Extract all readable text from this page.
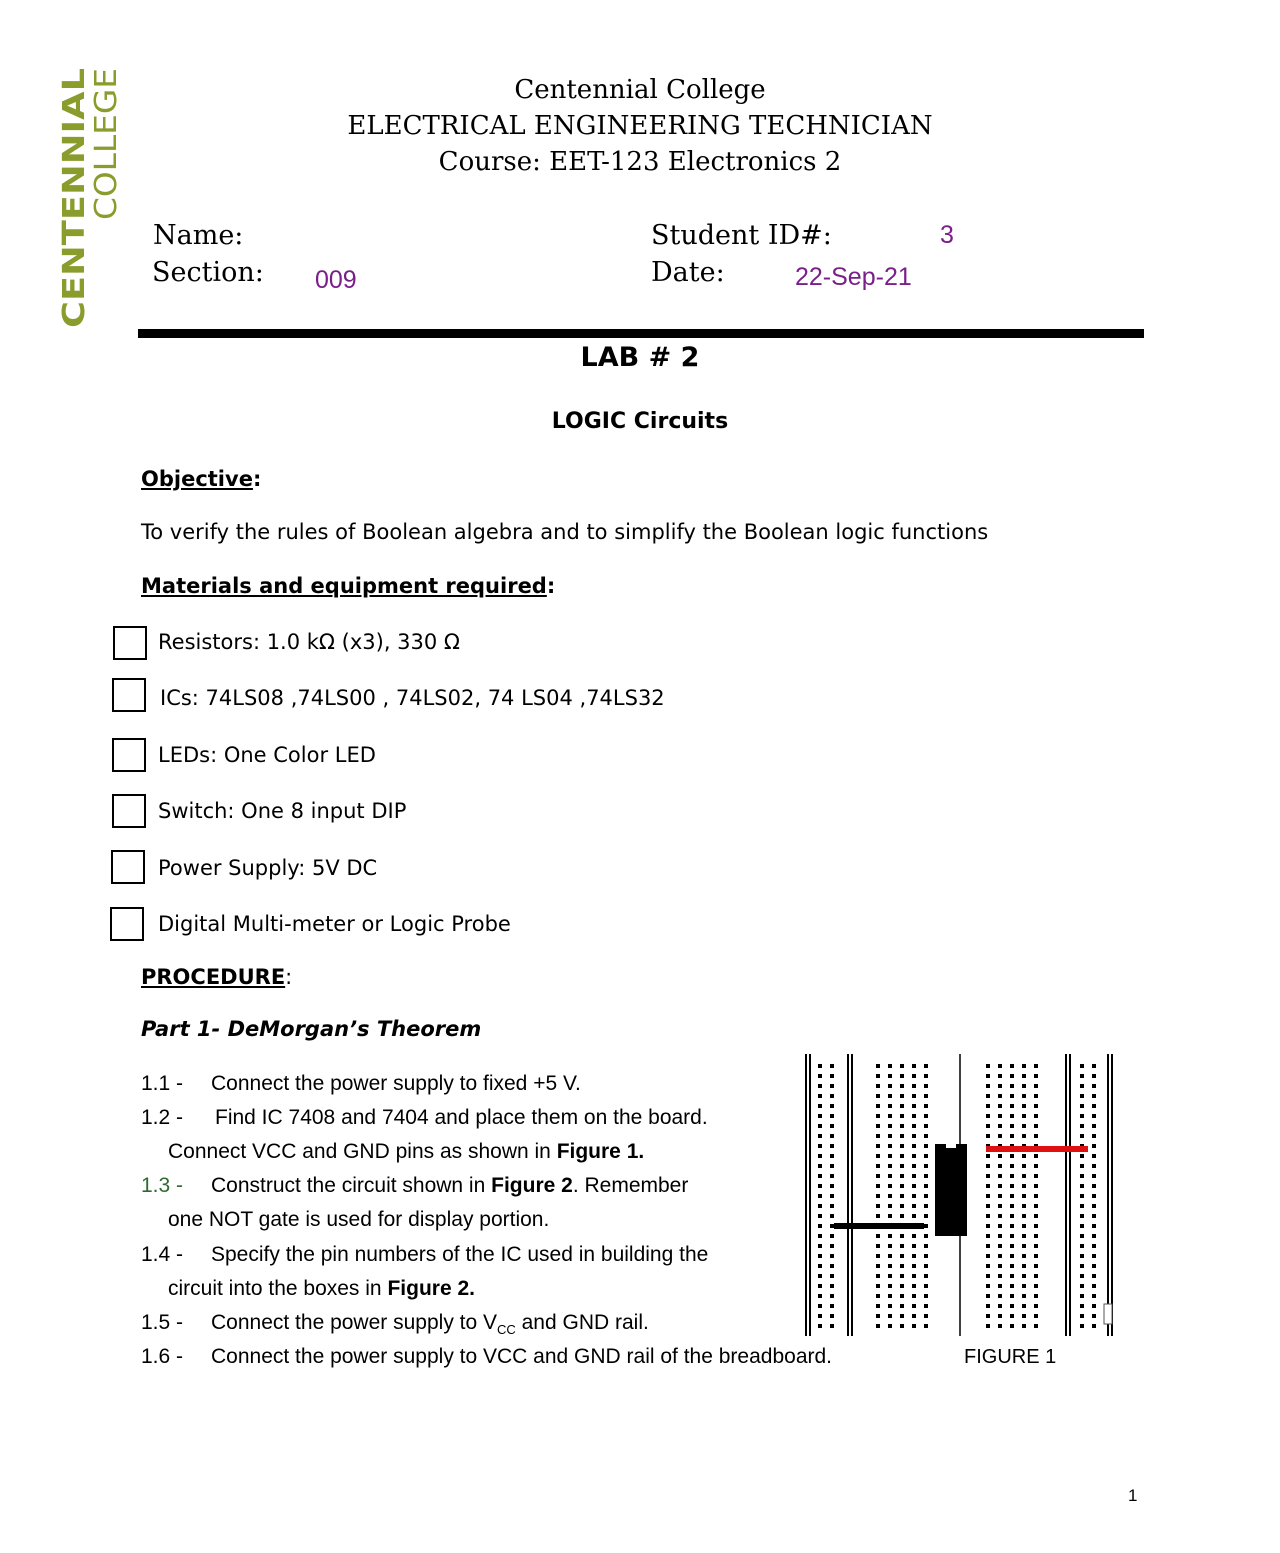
CENTENNIAL
COLLEGE	Centennial College
ELECTRICAL ENGINEERING TECHNICIAN
Course: EET-123 Electronics 2
Name:
Section: 009
Student ID#:	3
Date:	22-Sep-21
LAB # 2
LOGIC Circuits
Objective:
To verify the rules of Boolean algebra and to simplify the Boolean logic functions
Materials and equipment required:
Resistors: 1.0 kΩ (x3), 330 Ω
ICs: 74LS08 ,74LS00 , 74LS02, 74 LS04 ,74LS32
LEDs: One Color LED
Switch: One 8 input DIP
Power Supply: 5V DC
Digital Multi-meter or Logic Probe
PROCEDURE:
Part 1- DeMorgan’s Theorem
1.1 - Connect the power supply to fixed +5 V.
1.2 - Find IC 7408 and 7404 and place them on the board.
Connect VCC and GND pins as shown in Figure 1.
1.3 - Construct the circuit shown in Figure 2. Remember
one NOT gate is used for display portion.
1.4 - Specify the pin numbers of the IC used in building the
circuit into the boxes in Figure 2.
1.5 - Connect the power supply to $V_{CC}$ and GND rail.
1.6 - Connect the power supply to VCC and GND rail of the breadboard.	FIGURE 1
1
